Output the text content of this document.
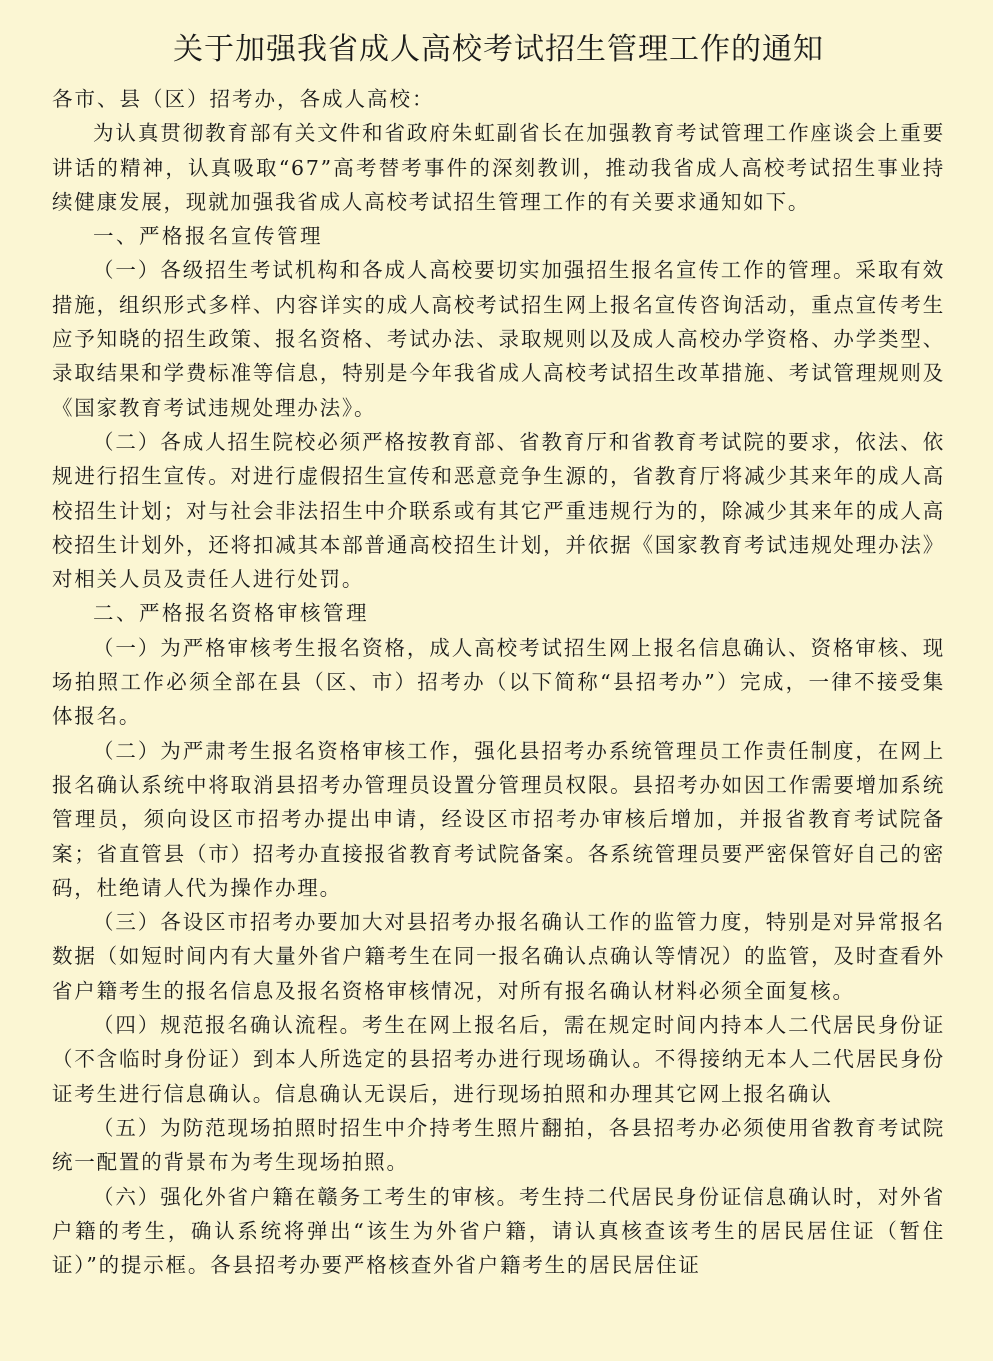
关于加强我省成人高校考试招生管理工作的通知

各市、县（区）招考办，各成人高校：

为认真贯彻教育部有关文件和省政府朱虹副省长在加强教育考试管理工作座谈会上重要讲话的精神，认真吸取“67”高考替考事件的深刻教训，推动我省成人高校考试招生事业持续健康发展，现就加强我省成人高校考试招生管理工作的有关要求通知如下。

一、严格报名宣传管理

（一）各级招生考试机构和各成人高校要切实加强招生报名宣传工作的管理。采取有效措施，组织形式多样、内容详实的成人高校考试招生网上报名宣传咨询活动，重点宣传考生应予知晓的招生政策、报名资格、考试办法、录取规则以及成人高校办学资格、办学类型、录取结果和学费标准等信息，特别是今年我省成人高校考试招生改革措施、考试管理规则及《国家教育考试违规处理办法》。

（二）各成人招生院校必须严格按教育部、省教育厅和省教育考试院的要求，依法、依规进行招生宣传。对进行虚假招生宣传和恶意竞争生源的，省教育厅将减少其来年的成人高校招生计划；对与社会非法招生中介联系或有其它严重违规行为的，除减少其来年的成人高校招生计划外，还将扣减其本部普通高校招生计划，并依据《国家教育考试违规处理办法》对相关人员及责任人进行处罚。

二、严格报名资格审核管理

（一）为严格审核考生报名资格，成人高校考试招生网上报名信息确认、资格审核、现场拍照工作必须全部在县（区、市）招考办（以下简称“县招考办”）完成，一律不接受集体报名。

（二）为严肃考生报名资格审核工作，强化县招考办系统管理员工作责任制度，在网上报名确认系统中将取消县招考办管理员设置分管理员权限。县招考办如因工作需要增加系统管理员，须向设区市招考办提出申请，经设区市招考办审核后增加，并报省教育考试院备案；省直管县（市）招考办直接报省教育考试院备案。各系统管理员要严密保管好自己的密码，杜绝请人代为操作办理。

（三）各设区市招考办要加大对县招考办报名确认工作的监管力度，特别是对异常报名数据（如短时间内有大量外省户籍考生在同一报名确认点确认等情况）的监管，及时查看外省户籍考生的报名信息及报名资格审核情况，对所有报名确认材料必须全面复核。

（四）规范报名确认流程。考生在网上报名后，需在规定时间内持本人二代居民身份证（不含临时身份证）到本人所选定的县招考办进行现场确认。不得接纳无本人二代居民身份证考生进行信息确认。信息确认无误后，进行现场拍照和办理其它网上报名确认

（五）为防范现场拍照时招生中介持考生照片翻拍，各县招考办必须使用省教育考试院统一配置的背景布为考生现场拍照。

（六）强化外省户籍在赣务工考生的审核。考生持二代居民身份证信息确认时，对外省户籍的考生，确认系统将弹出“该生为外省户籍，请认真核查该考生的居民居住证（暂住证）”的提示框。各县招考办要严格核查外省户籍考生的居民居住证
